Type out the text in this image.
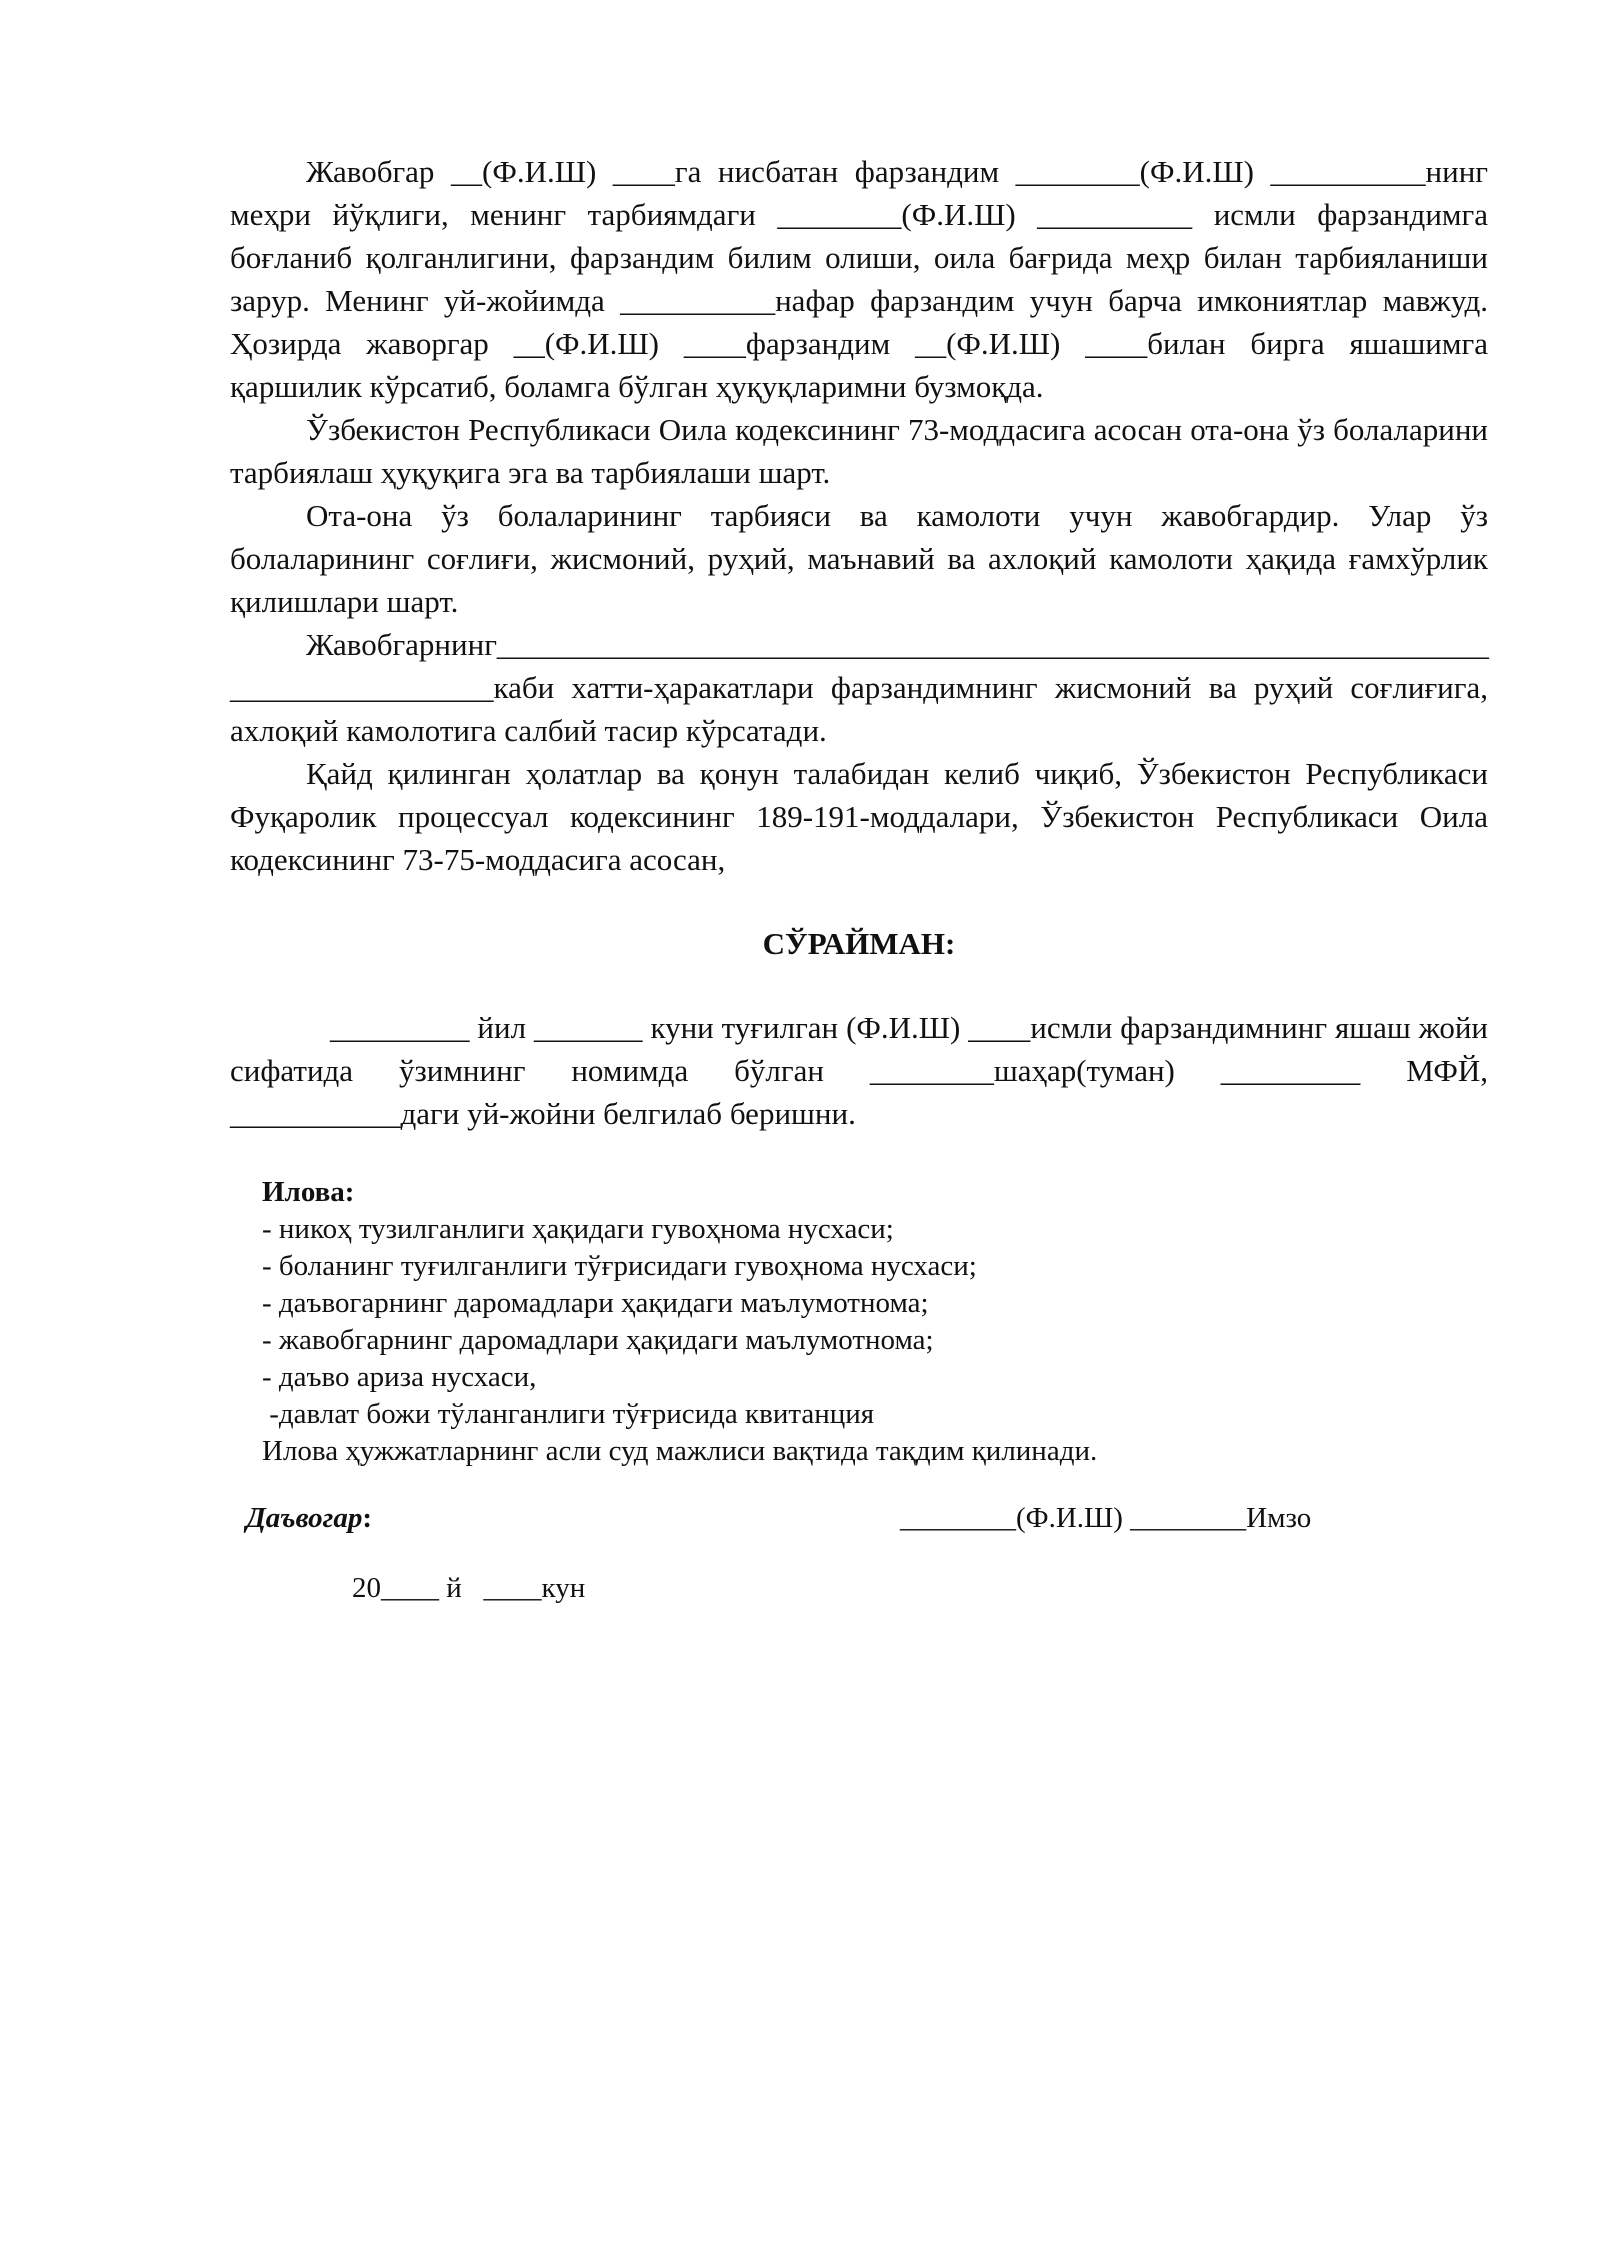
Жавобгар __(Ф.И.Ш) ____га нисбатан фарзандим ________(Ф.И.Ш) __________нинг меҳри йўқлиги, менинг тарбиямдаги ________(Ф.И.Ш) __________ исмли фарзандимга боғланиб қолганлигини, фарзандим билим олиши, оила бағрида меҳр билан тарбияланиши зарур. Менинг уй-жойимда __________нафар фарзандим учун барча имкониятлар мавжуд. Ҳозирда жаворгар __(Ф.И.Ш) ____фарзандим __(Ф.И.Ш) ____билан бирга яшашимга қаршилик кўрсатиб, боламга бўлган ҳуқуқларимни бузмоқда.

Ўзбекистон Республикаси Оила кодексининг 73-моддасига асосан ота-она ўз болаларини тарбиялаш ҳуқуқига эга ва тарбиялаши шарт.

Ота-она ўз болаларининг тарбияси ва камолоти учун жавобгардир. Улар ўз болаларининг соғлиғи, жисмоний, руҳий, маънавий ва ахлоқий камолоти ҳақида ғамхўрлик қилишлари шарт.

Жавобгарнинг________________________________________________________________ _________________каби хатти-ҳаракатлари фарзандимнинг жисмоний ва руҳий соғлиғига, ахлоқий камолотига салбий тасир кўрсатади.

Қайд қилинган ҳолатлар ва қонун талабидан келиб чиқиб, Ўзбекистон Республикаси Фуқаролик процессуал кодексининг 189-191-моддалари, Ўзбекистон Республикаси Оила кодексининг 73-75-моддасига асосан,

СЎРАЙМАН:

_________ йил _______ куни туғилган (Ф.И.Ш) ____исмли фарзандимнинг яшаш жойи сифатида ўзимнинг номимда бўлган ________шаҳар(туман) _________ МФЙ, ___________даги уй-жойни белгилаб беришни.

Илова:
- никоҳ тузилганлиги ҳақидаги гувоҳнома нусхаси;
- боланинг туғилганлиги тўғрисидаги гувоҳнома нусхаси;
- даъвогарнинг даромадлари ҳақидаги маълумотнома;
- жавобгарнинг даромадлари ҳақидаги маълумотнома;
- даъво ариза нусхаси,
-давлат божи тўланганлиги тўғрисида квитанция
Илова ҳужжатларнинг асли суд мажлиси вақтида тақдим қилинади.
Даъвогар:	________(Ф.И.Ш) ________Имзо
20____ й   ____кун
